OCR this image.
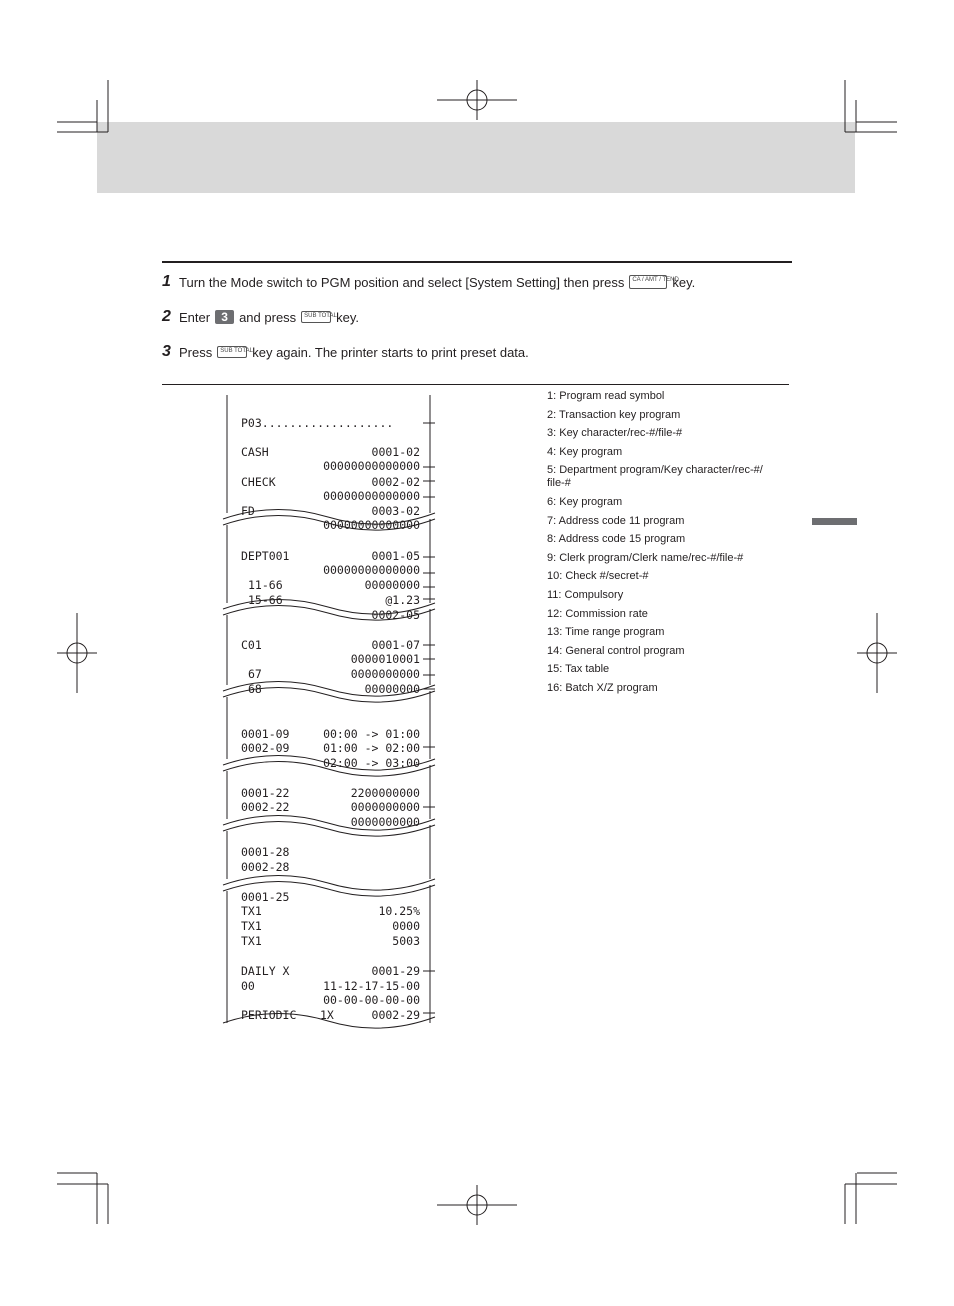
1 Turn the Mode switch to PGM position and select [System Setting] then press	CA / AMT / TEND
key.
2 Enter 3 and press	SUB TOTAL key.
3 Press	SUB TOTAL key again. The printer starts to print preset data.
P03...................
CASH	0001-02
00000000000000
CHECK	0002-02
00000000000000
FD	0003-02
00000000000000
DEPT001	0001-05
00000000000000
11-66	00000000
15-66	@1.23
0002-05
C01	0001-07
0000010001
67	0000000000
68	00000000
0001-09	00:00 -> 01:00
0002-09	01:00 -> 02:00
02:00 -> 03:00
0001-22	2200000000
0002-22	0000000000
0000000000
0001-28
0002-28
0001-25
TX1	10.25%
TX1	0000
TX1	5003
DAILY X	0001-29
00	11-12-17-15-00
00-00-00-00-00
PERIODIC 1X	0002-29
1: Program read symbol
2: Transaction key program
3: Key character/rec-#/file-#
4: Key program
5: Department program/Key character/rec-#/ file-#
6: Key program
7: Address code 11 program
8: Address code 15 program
9: Clerk program/Clerk name/rec-#/file-#
10: Check #/secret-#
11: Compulsory
12: Commission rate
13: Time range program
14: General control program
15: Tax table
16: Batch X/Z program
